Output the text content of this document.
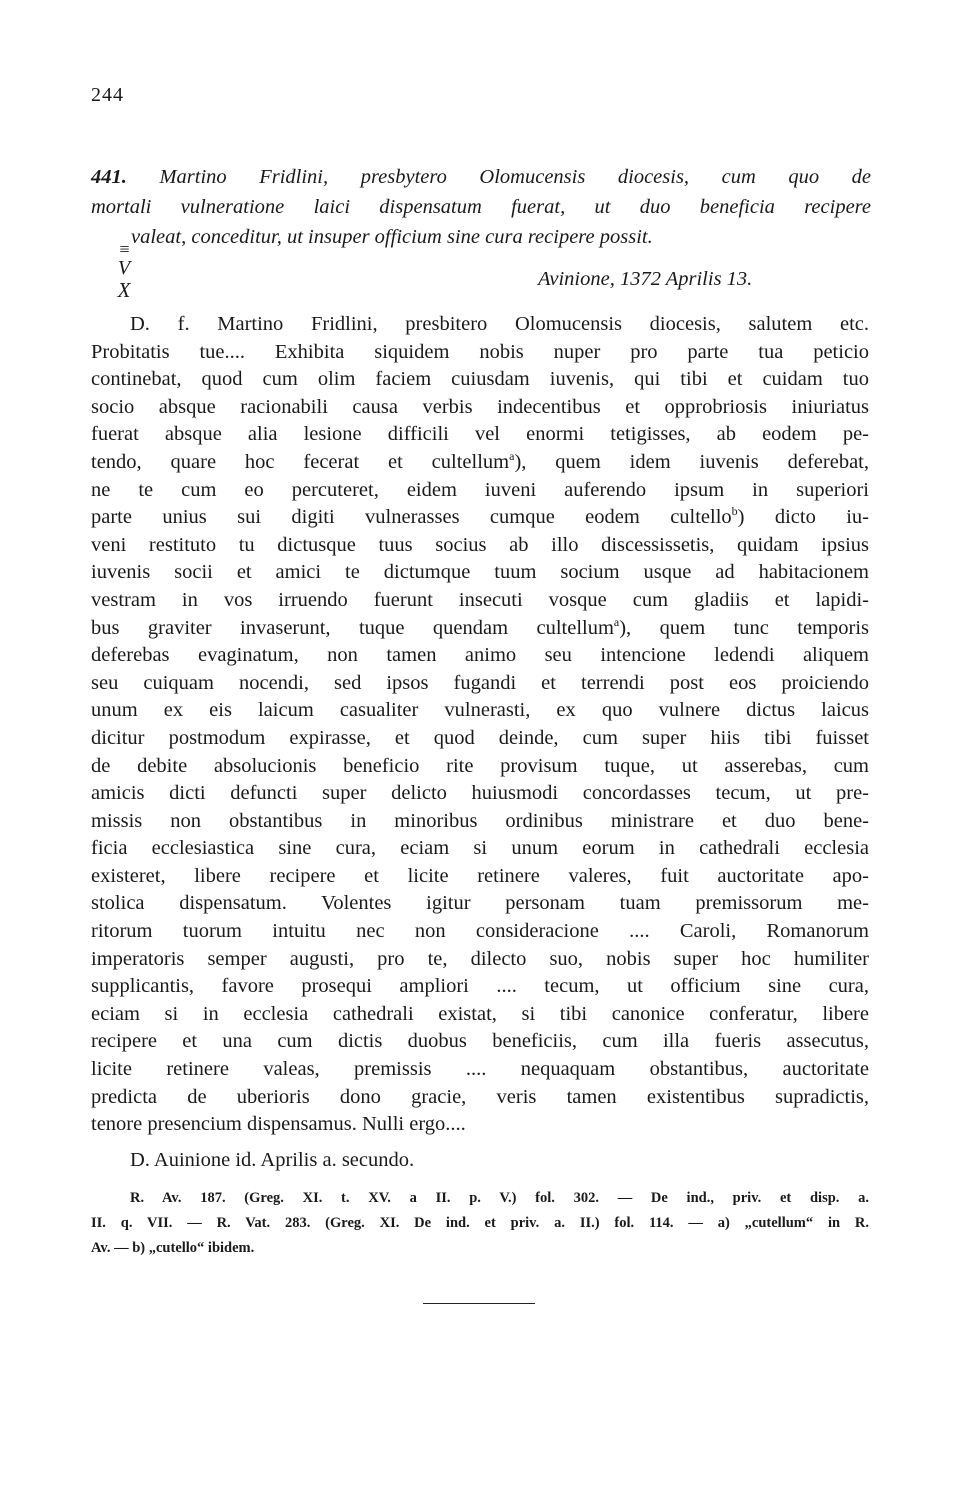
244
441. Martino Fridlini, presbytero Olomucensis diocesis, cum quo de
mortali vulneratione laici dispensatum fuerat, ut duo beneficia recipere
valeat, conceditur, ut insuper officium sine cura recipere possit.
≡
V
X	Avinione, 1372 Aprilis 13.
D. f. Martino Fridlini, presbitero Olomucensis diocesis, salutem etc.
Probitatis tue.... Exhibita siquidem nobis nuper pro parte tua peticio
continebat, quod cum olim faciem cuiusdam iuvenis, qui tibi et cuidam tuo
socio absque racionabili causa verbis indecentibus et opprobriosis iniuriatus
fuerat absque alia lesione difficili vel enormi tetigisses, ab eodem pe-
tendo, quare hoc fecerat et cultellum$^a$), quem idem iuvenis deferebat,
ne te cum eo percuteret, eidem iuveni auferendo ipsum in superiori
parte unius sui digiti vulnerasses cumque eodem cultello$^b$) dicto iu-
veni restituto tu dictusque tuus socius ab illo discessissetis, quidam ipsius
iuvenis socii et amici te dictumque tuum socium usque ad habitacionem
vestram in vos irruendo fuerunt insecuti vosque cum gladiis et lapidi-
bus graviter invaserunt, tuque quendam cultellum$^a$), quem tunc temporis
deferebas evaginatum, non tamen animo seu intencione ledendi aliquem
seu cuiquam nocendi, sed ipsos fugandi et terrendi post eos proiciendo
unum ex eis laicum casualiter vulnerasti, ex quo vulnere dictus laicus
dicitur postmodum expirasse, et quod deinde, cum super hiis tibi fuisset
de debite absolucionis beneficio rite provisum tuque, ut asserebas, cum
amicis dicti defuncti super delicto huiusmodi concordasses tecum, ut pre-
missis non obstantibus in minoribus ordinibus ministrare et duo bene-
ficia ecclesiastica sine cura, eciam si unum eorum in cathedrali ecclesia
existeret, libere recipere et licite retinere valeres, fuit auctoritate apo-
stolica dispensatum. Volentes igitur personam tuam premissorum me-
ritorum tuorum intuitu nec non consideracione .... Caroli, Romanorum
imperatoris semper augusti, pro te, dilecto suo, nobis super hoc humiliter
supplicantis, favore prosequi ampliori .... tecum, ut officium sine cura,
eciam si in ecclesia cathedrali existat, si tibi canonice conferatur, libere
recipere et una cum dictis duobus beneficiis, cum illa fueris assecutus,
licite retinere valeas, premissis .... nequaquam obstantibus, auctoritate
predicta de uberioris dono gracie, veris tamen existentibus supradictis,
tenore presencium dispensamus. Nulli ergo....
D. Auinione id. Aprilis a. secundo.
R. Av. 187. (Greg. XI. t. XV. a II. p. V.) fol. 302. — De ind., priv. et disp. a.
II. q. VII. — R. Vat. 283. (Greg. XI. De ind. et priv. a. II.) fol. 114. — a) „cutellum“ in R.
Av. — b) „cutello“ ibidem.
